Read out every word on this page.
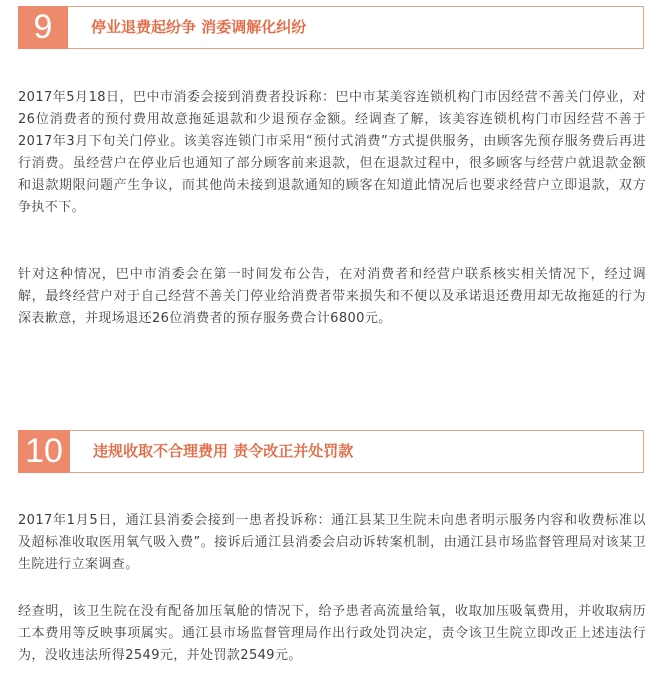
9	停业退费起纷争 消委调解化纠纷

2017年5月18日，巴中市消委会接到消费者投诉称：巴中市某美容连锁机构门市因经营不善关门停业，对26位消费者的预付费用故意拖延退款和少退预存金额。经调查了解，该美容连锁机构门市因经营不善于2017年3月下旬关门停业。该美容连锁门市采用“预付式消费”方式提供服务，由顾客先预存服务费后再进行消费。虽经营户在停业后也通知了部分顾客前来退款，但在退款过程中，很多顾客与经营户就退款金额和退款期限问题产生争议，而其他尚未接到退款通知的顾客在知道此情况后也要求经营户立即退款，双方争执不下。

针对这种情况，巴中市消委会在第一时间发布公告，在对消费者和经营户联系核实相关情况下，经过调解，最终经营户对于自己经营不善关门停业给消费者带来损失和不便以及承诺退还费用却无故拖延的行为深表歉意，并现场退还26位消费者的预存服务费合计6800元。

10	违规收取不合理费用 责令改正并处罚款

2017年1月5日，通江县消委会接到一患者投诉称：通江县某卫生院未向患者明示服务内容和收费标准以及超标准收取医用氧气吸入费”。接诉后通江县消委会启动诉转案机制，由通江县市场监督管理局对该某卫生院进行立案调查。

经查明，该卫生院在没有配备加压氧舱的情况下，给予患者高流量给氧，收取加压吸氧费用，并收取病历工本费用等反映事项属实。通江县市场监督管理局作出行政处罚决定，责令该卫生院立即改正上述违法行为，没收违法所得2549元，并处罚款2549元。
